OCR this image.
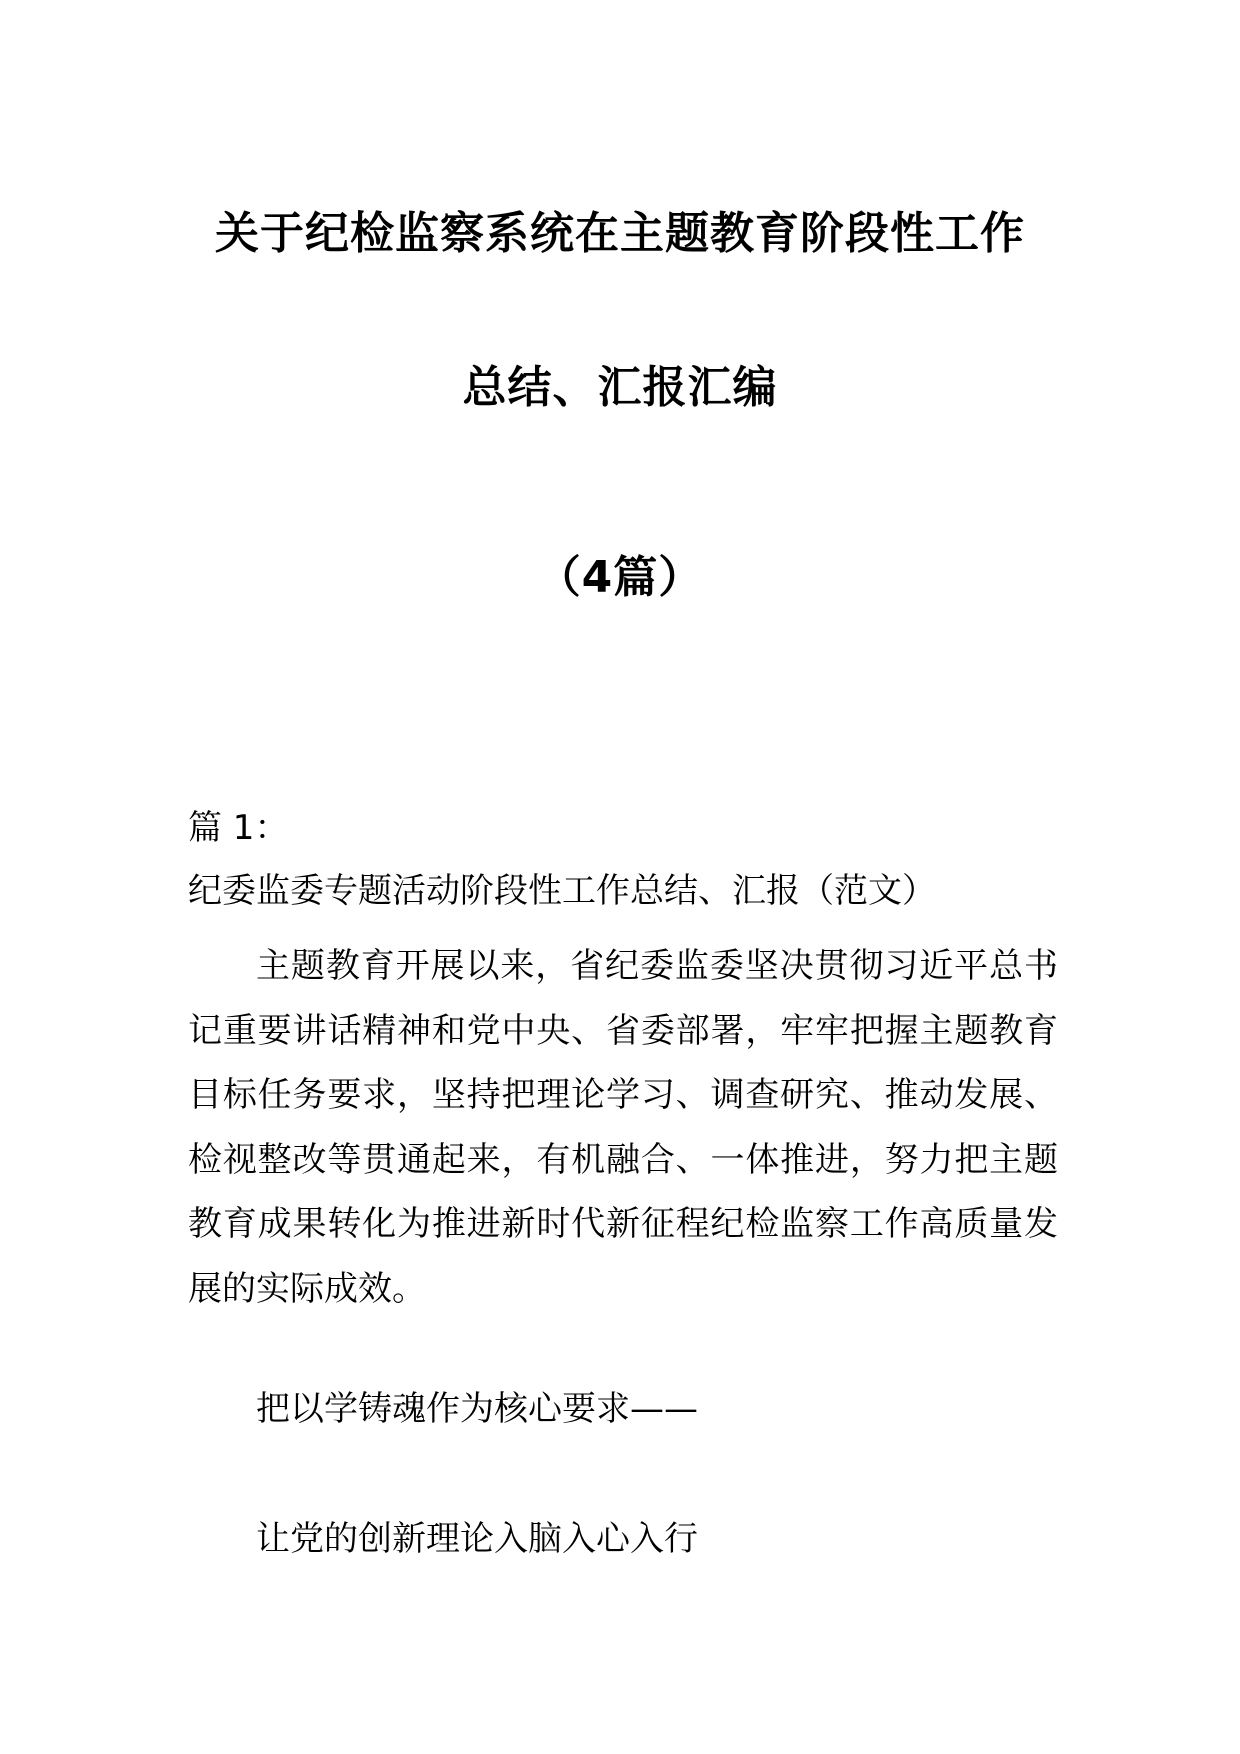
关于纪检监察系统在主题教育阶段性工作
总结、汇报汇编
（4篇）
篇 1：
纪委监委专题活动阶段性工作总结、汇报（范文）
主题教育开展以来，省纪委监委坚决贯彻习近平总书
记重要讲话精神和党中央、省委部署，牢牢把握主题教育
目标任务要求，坚持把理论学习、调查研究、推动发展、
检视整改等贯通起来，有机融合、一体推进，努力把主题
教育成果转化为推进新时代新征程纪检监察工作高质量发
展的实际成效。
把以学铸魂作为核心要求——
让党的创新理论入脑入心入行
